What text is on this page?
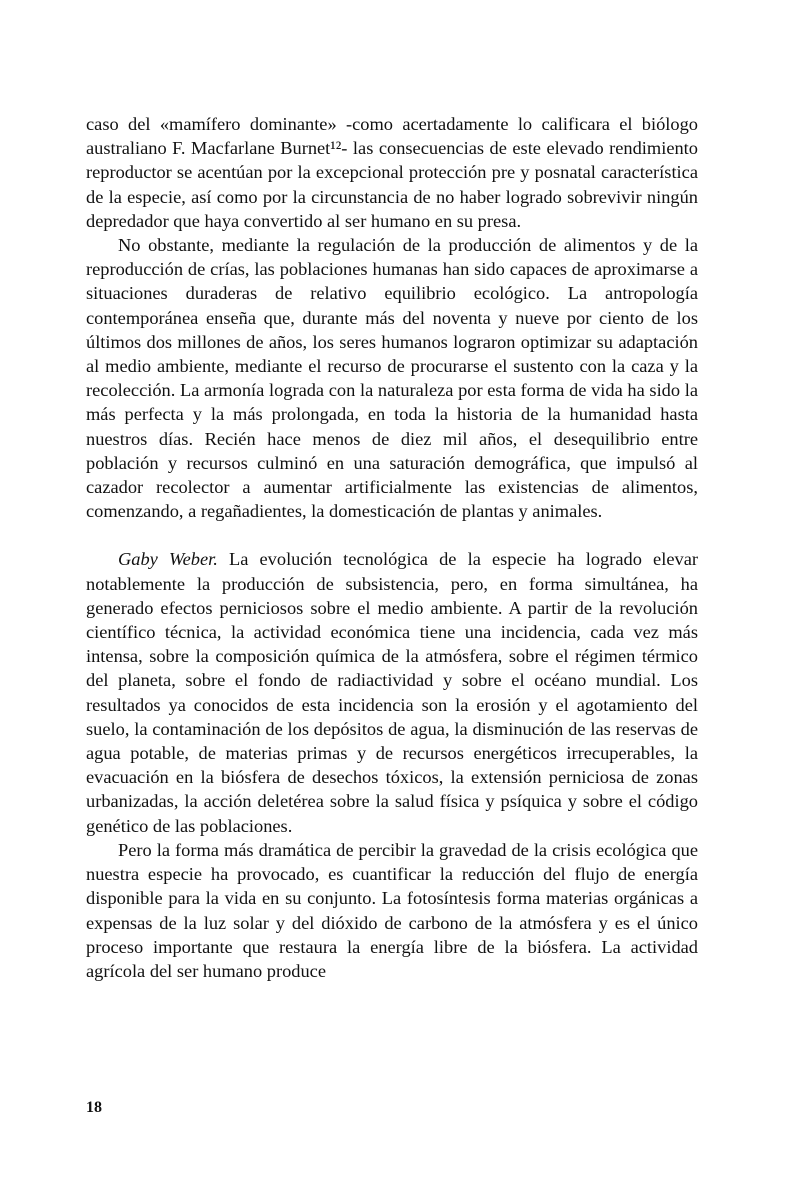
caso del «mamífero dominante» -como acertadamente lo calificara el biólogo australiano F. Macfarlane Burnet¹²- las consecuencias de este elevado rendimiento reproductor se acentúan por la excepcional protección pre y posnatal característica de la especie, así como por la circunstancia de no haber logrado sobrevivir ningún depredador que haya convertido al ser humano en su presa.

No obstante, mediante la regulación de la producción de alimentos y de la reproducción de crías, las poblaciones humanas han sido capaces de aproximarse a situaciones duraderas de relativo equilibrio ecológico. La antropología contemporánea enseña que, durante más del noventa y nueve por ciento de los últimos dos millones de años, los seres humanos lograron optimizar su adaptación al medio ambiente, mediante el recurso de procurarse el sustento con la caza y la recolección. La armonía lograda con la naturaleza por esta forma de vida ha sido la más perfecta y la más prolongada, en toda la historia de la humanidad hasta nuestros días. Recién hace menos de diez mil años, el desequilibrio entre población y recursos culminó en una saturación demográfica, que impulsó al cazador recolector a aumentar artificialmente las existencias de alimentos, comenzando, a regañadientes, la domesticación de plantas y animales.

Gaby Weber. La evolución tecnológica de la especie ha logrado elevar notablemente la producción de subsistencia, pero, en forma simultánea, ha generado efectos perniciosos sobre el medio ambiente. A partir de la revolución científico técnica, la actividad económica tiene una incidencia, cada vez más intensa, sobre la composición química de la atmósfera, sobre el régimen térmico del planeta, sobre el fondo de radiactividad y sobre el océano mundial. Los resultados ya conocidos de esta incidencia son la erosión y el agotamiento del suelo, la contaminación de los depósitos de agua, la disminución de las reservas de agua potable, de materias primas y de recursos energéticos irrecuperables, la evacuación en la biósfera de desechos tóxicos, la extensión perniciosa de zonas urbanizadas, la acción deletérea sobre la salud física y psíquica y sobre el código genético de las poblaciones.

Pero la forma más dramática de percibir la gravedad de la crisis ecológica que nuestra especie ha provocado, es cuantificar la reducción del flujo de energía disponible para la vida en su conjunto. La fotosíntesis forma materias orgánicas a expensas de la luz solar y del dióxido de carbono de la atmósfera y es el único proceso importante que restaura la energía libre de la biósfera. La actividad agrícola del ser humano produce

18
